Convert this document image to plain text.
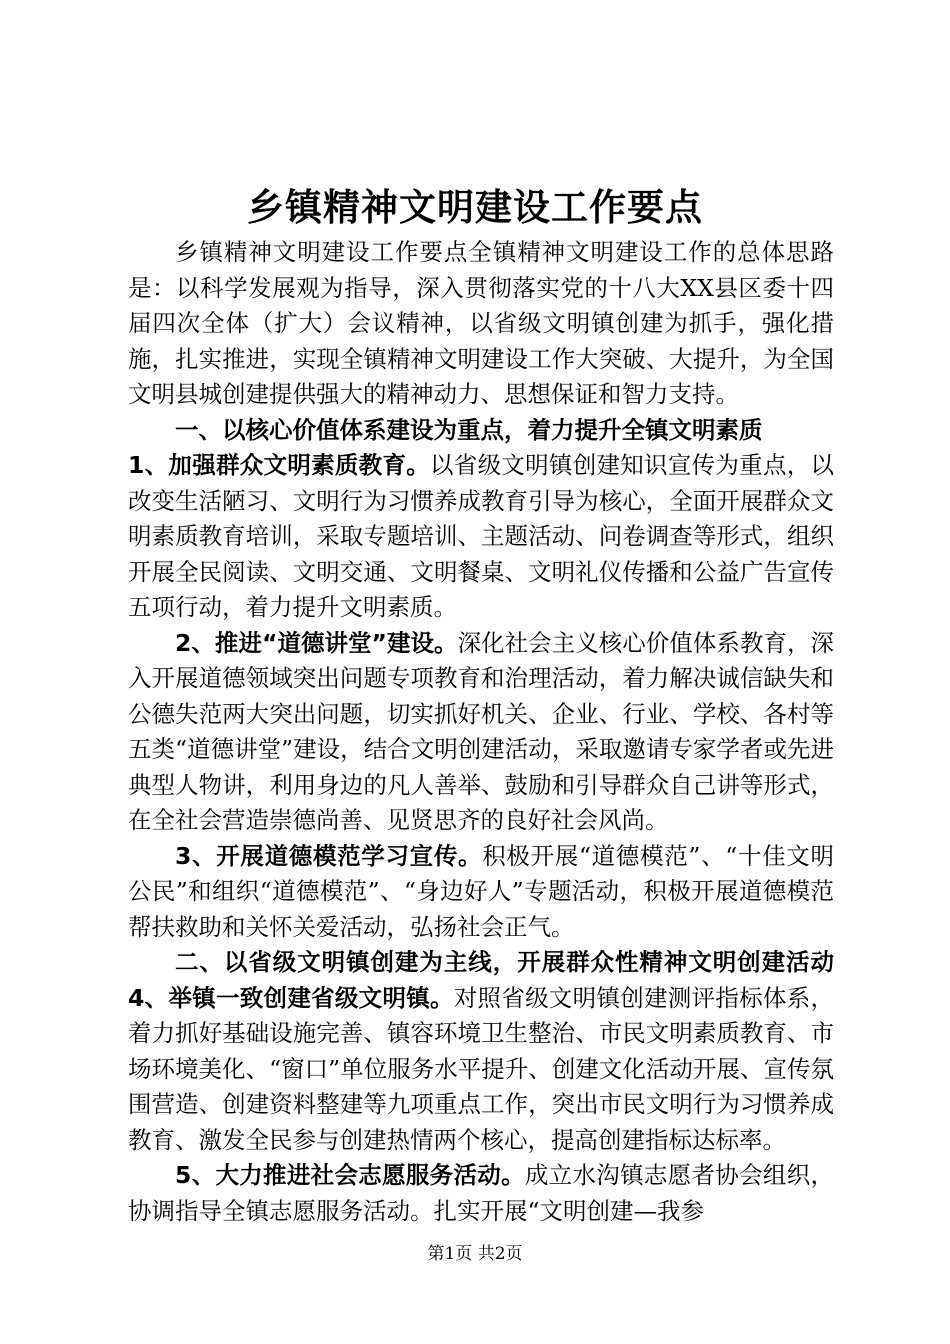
乡镇精神文明建设工作要点

乡镇精神文明建设工作要点全镇精神文明建设工作的总体思路是：以科学发展观为指导，深入贯彻落实党的十八大XX县区委十四届四次全体（扩大）会议精神，以省级文明镇创建为抓手，强化措施，扎实推进，实现全镇精神文明建设工作大突破、大提升，为全国文明县城创建提供强大的精神动力、思想保证和智力支持。

一、以核心价值体系建设为重点，着力提升全镇文明素质
1、加强群众文明素质教育。以省级文明镇创建知识宣传为重点，以改变生活陋习、文明行为习惯养成教育引导为核心，全面开展群众文明素质教育培训，采取专题培训、主题活动、问卷调查等形式，组织开展全民阅读、文明交通、文明餐桌、文明礼仪传播和公益广告宣传五项行动，着力提升文明素质。

2、推进“道德讲堂”建设。深化社会主义核心价值体系教育，深入开展道德领域突出问题专项教育和治理活动，着力解决诚信缺失和公德失范两大突出问题，切实抓好机关、企业、行业、学校、各村等五类“道德讲堂”建设，结合文明创建活动，采取邀请专家学者或先进典型人物讲，利用身边的凡人善举、鼓励和引导群众自己讲等形式，在全社会营造崇德尚善、见贤思齐的良好社会风尚。

3、开展道德模范学习宣传。积极开展“道德模范”、“十佳文明公民”和组织“道德模范”、“身边好人”专题活动，积极开展道德模范帮扶救助和关怀关爱活动，弘扬社会正气。

二、以省级文明镇创建为主线，开展群众性精神文明创建活动4、举镇一致创建省级文明镇。对照省级文明镇创建测评指标体系，着力抓好基础设施完善、镇容环境卫生整治、市民文明素质教育、市场环境美化、“窗口”单位服务水平提升、创建文化活动开展、宣传氛围营造、创建资料整建等九项重点工作，突出市民文明行为习惯养成教育、激发全民参与创建热情两个核心，提高创建指标达标率。

5、大力推进社会志愿服务活动。成立水沟镇志愿者协会组织，协调指导全镇志愿服务活动。扎实开展“文明创建—我参

第1页 共2页
